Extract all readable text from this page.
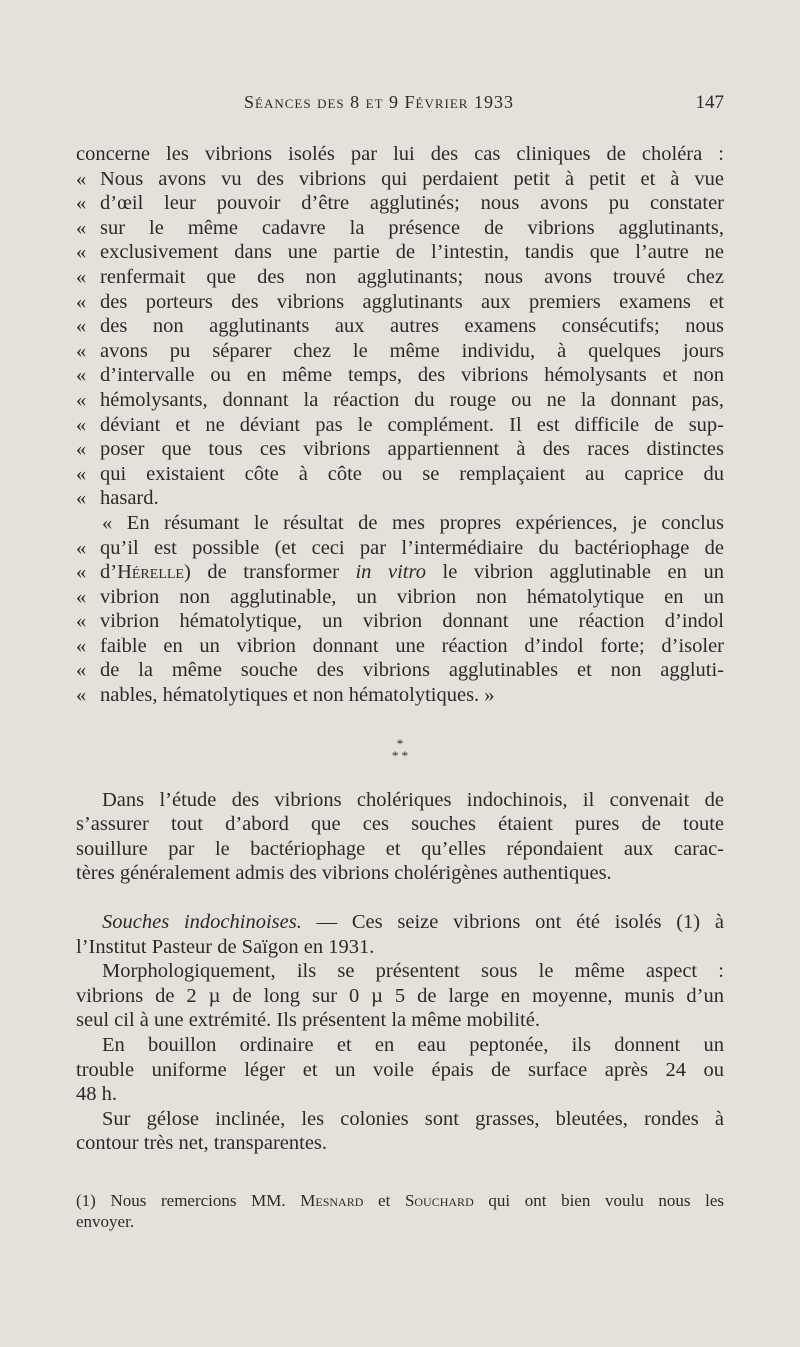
Séances des 8 et 9 Février 1933	147
concerne les vibrions isolés par lui des cas cliniques de choléra :
« Nous avons vu des vibrions qui perdaient petit à petit et à vue
« d’œil leur pouvoir d’être agglutinés; nous avons pu constater
« sur le même cadavre la présence de vibrions agglutinants,
« exclusivement dans une partie de l’intestin, tandis que l’autre ne
« renfermait que des non agglutinants; nous avons trouvé chez
« des porteurs des vibrions agglutinants aux premiers examens et
« des non agglutinants aux autres examens consécutifs; nous
« avons pu séparer chez le même individu, à quelques jours
« d’intervalle ou en même temps, des vibrions hémolysants et non
« hémolysants, donnant la réaction du rouge ou ne la donnant pas,
« déviant et ne déviant pas le complément. Il est difficile de sup-
« poser que tous ces vibrions appartiennent à des races distinctes
« qui existaient côte à côte ou se remplaçaient au caprice du
« hasard.
« En résumant le résultat de mes propres expériences, je conclus
« qu’il est possible (et ceci par l’intermédiaire du bactériophage de
« d’Hérelle) de transformer in vitro le vibrion agglutinable en un
« vibrion non agglutinable, un vibrion non hématolytique en un
« vibrion hématolytique, un vibrion donnant une réaction d’indol
« faible en un vibrion donnant une réaction d’indol forte; d’isoler
« de la même souche des vibrions agglutinables et non aggluti-
« nables, hématolytiques et non hématolytiques. »
*
* *
Dans l’étude des vibrions cholériques indochinois, il convenait de
s’assurer tout d’abord que ces souches étaient pures de toute
souillure par le bactériophage et qu’elles répondaient aux carac-
tères généralement admis des vibrions cholérigènes authentiques.
Souches indochinoises. — Ces seize vibrions ont été isolés (1) à
l’Institut Pasteur de Saïgon en 1931.
Morphologiquement, ils se présentent sous le même aspect :
vibrions de 2 µ de long sur 0 µ 5 de large en moyenne, munis d’un
seul cil à une extrémité. Ils présentent la même mobilité.
En bouillon ordinaire et en eau peptonée, ils donnent un
trouble uniforme léger et un voile épais de surface après 24 ou
48 h.
Sur gélose inclinée, les colonies sont grasses, bleutées, rondes à
contour très net, transparentes.
(1) Nous remercions MM. Mesnard et Souchard qui ont bien voulu nous les
envoyer.
